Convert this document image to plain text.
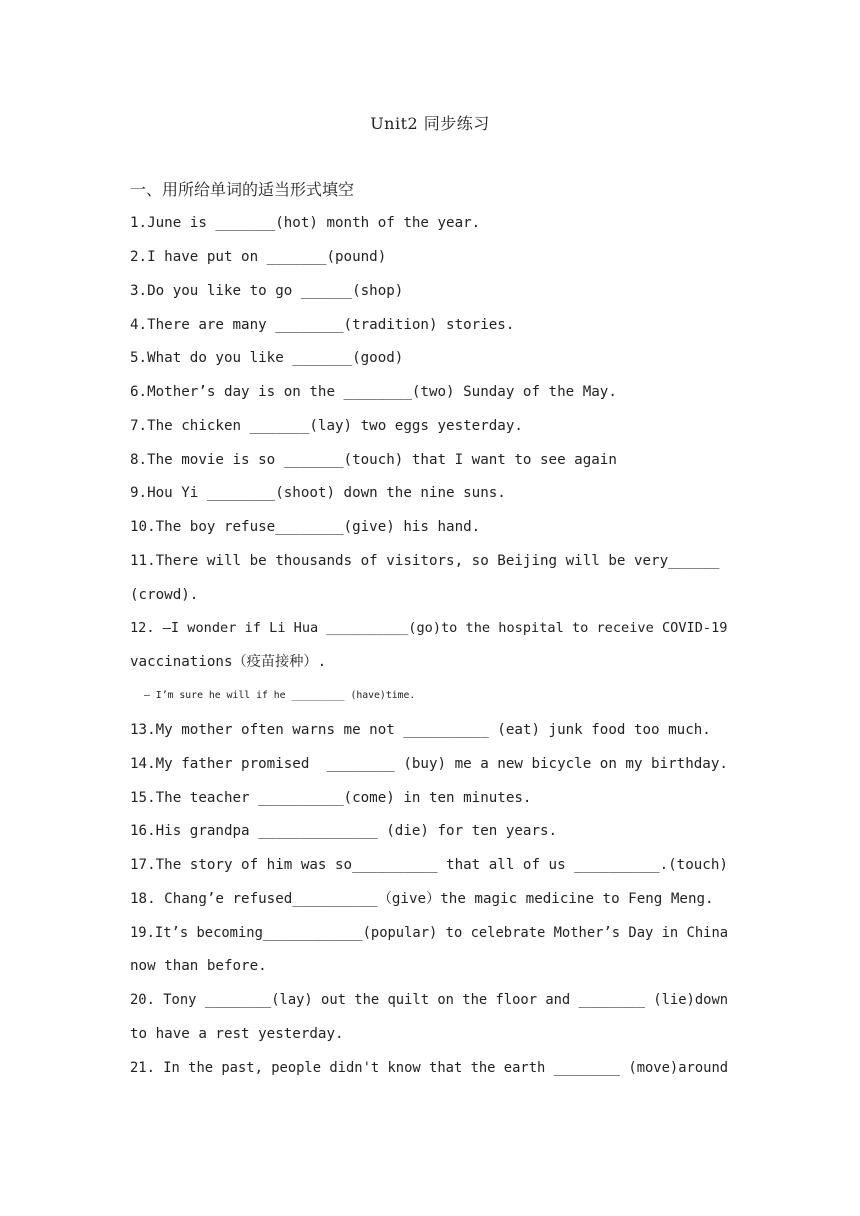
Unit2 同步练习
一、用所给单词的适当形式填空
1.June is _______(hot) month of the year.
2.I have put on _______(pound)
3.Do you like to go ______(shop)
4.There are many ________(tradition) stories.
5.What do you like _______(good)
6.Mother’s day is on the ________(two) Sunday of the May.
7.The chicken _______(lay) two eggs yesterday.
8.The movie is so _______(touch) that I want to see again
9.Hou Yi ________(shoot) down the nine suns.
10.The boy refuse________(give) his hand.
11.There will be thousands of visitors, so Beijing will be very______
(crowd).
12. —I wonder if Li Hua __________(go)to the hospital to receive COVID-19
vaccinations（疫苗接种）.
— I’m sure he will if he _________ (have)time.
13.My mother often warns me not __________ (eat) junk food too much.
14.My father promised  ________ (buy) me a new bicycle on my birthday.
15.The teacher __________(come) in ten minutes.
16.His grandpa ______________ (die) for ten years.
17.The story of him was so__________ that all of us __________.(touch)
18. Chang’e refused__________（give）the magic medicine to Feng Meng.
19.It’s becoming____________(popular) to celebrate Mother’s Day in China
now than before.
20. Tony ________(lay) out the quilt on the floor and ________ (lie)down
to have a rest yesterday.
21. In the past, people didn't know that the earth ________ (move)around
